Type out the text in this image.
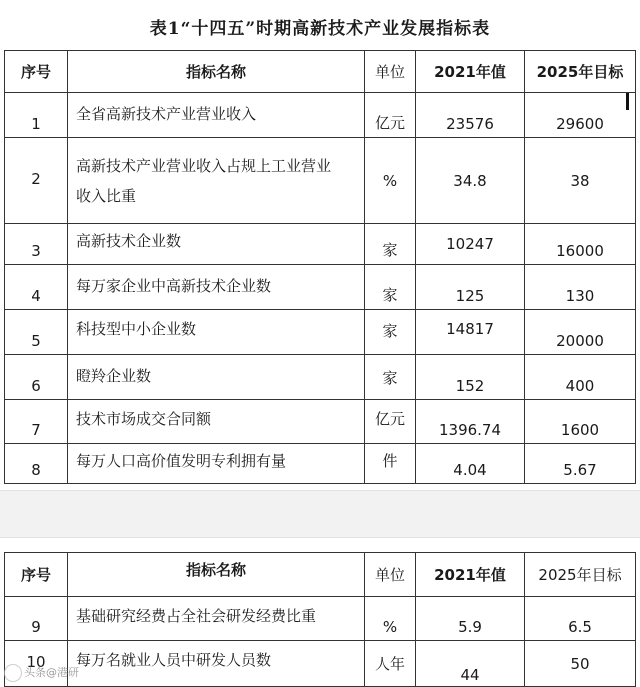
表1“十四五”时期高新技术产业发展指标表
序号	指标名称	单位	2021年值	2025年目标
1	全省高新技术产业营业收入	亿元	23576	29600
2	高新技术产业营业收入占规上工业营业收入比重	%	34.8	38
3	高新技术企业数	家	10247	16000
4	每万家企业中高新技术企业数	家	125	130
5	科技型中小企业数	家	14817	20000
6	瞪羚企业数	家	152	400
7	技术市场成交合同额	亿元	1396.74	1600
8	每万人口高价值发明专利拥有量	件	4.04	5.67
序号	指标名称	单位	2021年值	2025年目标
9	基础研究经费占全社会研发经费比重	%	5.9	6.5
10	每万名就业人员中研发人员数	人年	44	50
头条@港研
